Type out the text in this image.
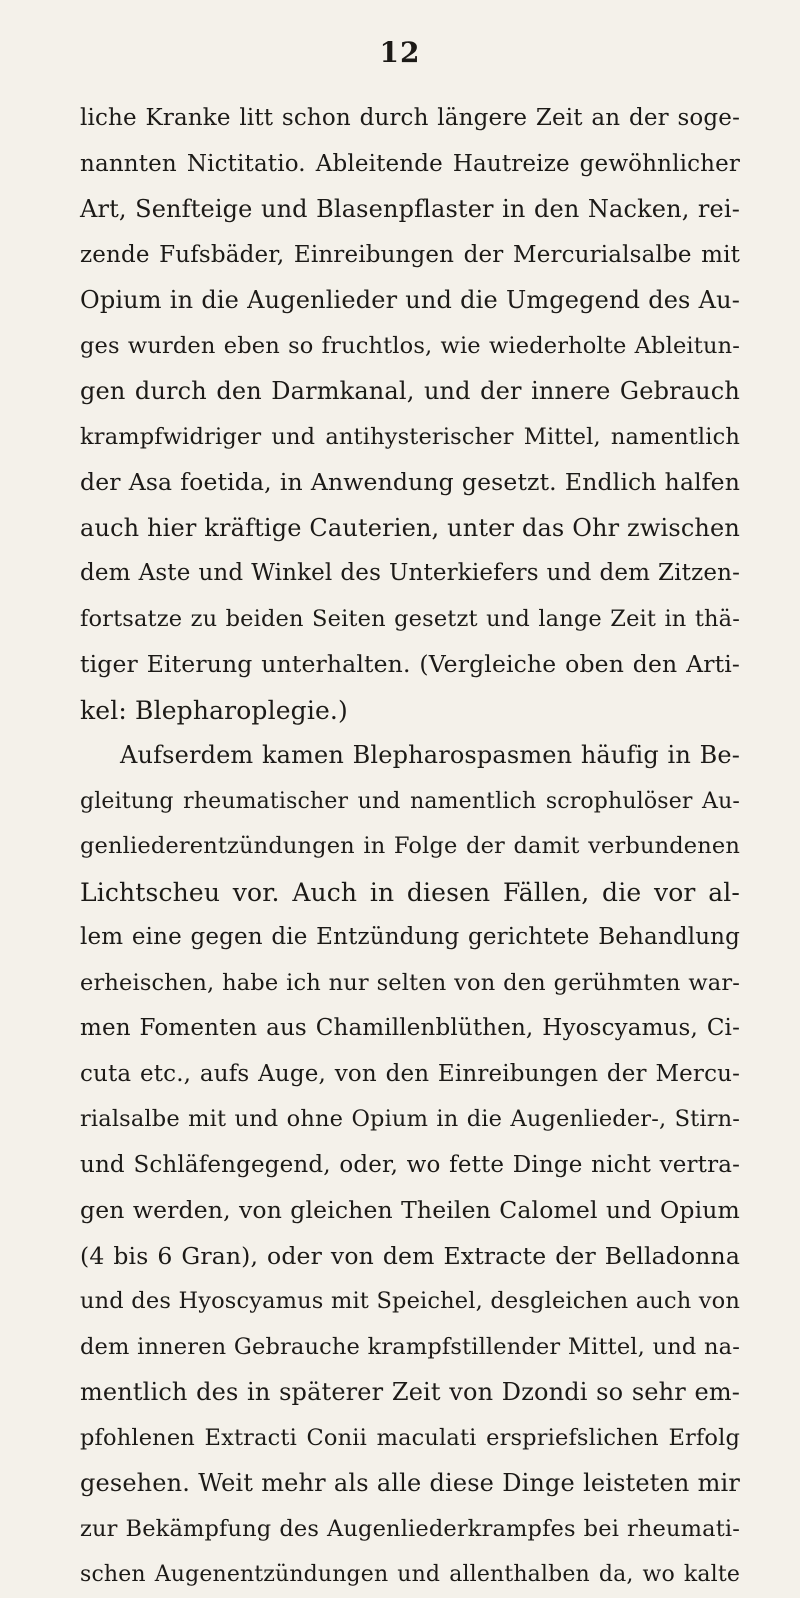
12
liche Kranke litt schon durch längere Zeit an der soge-
nannten Nictitatio. Ableitende Hautreize gewöhnlicher
Art, Senfteige und Blasenpflaster in den Nacken, rei-
zende Fufsbäder, Einreibungen der Mercurialsalbe mit
Opium in die Augenlieder und die Umgegend des Au-
ges wurden eben so fruchtlos, wie wiederholte Ableitun-
gen durch den Darmkanal, und der innere Gebrauch
krampfwidriger und antihysterischer Mittel, namentlich
der Asa foetida, in Anwendung gesetzt. Endlich halfen
auch hier kräftige Cauterien, unter das Ohr zwischen
dem Aste und Winkel des Unterkiefers und dem Zitzen-
fortsatze zu beiden Seiten gesetzt und lange Zeit in thä-
tiger Eiterung unterhalten. (Vergleiche oben den Arti-
kel: Blepharoplegie.)
Aufserdem kamen Blepharospasmen häufig in Be-
gleitung rheumatischer und namentlich scrophulöser Au-
genliederentzündungen in Folge der damit verbundenen
Lichtscheu vor. Auch in diesen Fällen, die vor al-
lem eine gegen die Entzündung gerichtete Behandlung
erheischen, habe ich nur selten von den gerühmten war-
men Fomenten aus Chamillenblüthen, Hyoscyamus, Ci-
cuta etc., aufs Auge, von den Einreibungen der Mercu-
rialsalbe mit und ohne Opium in die Augenlieder-, Stirn-
und Schläfengegend, oder, wo fette Dinge nicht vertra-
gen werden, von gleichen Theilen Calomel und Opium
(4 bis 6 Gran), oder von dem Extracte der Belladonna
und des Hyoscyamus mit Speichel, desgleichen auch von
dem inneren Gebrauche krampfstillender Mittel, und na-
mentlich des in späterer Zeit von Dzondi so sehr em-
pfohlenen Extracti Conii maculati erspriefslichen Erfolg
gesehen. Weit mehr als alle diese Dinge leisteten mir
zur Bekämpfung des Augenliederkrampfes bei rheumati-
schen Augenentzündungen und allenthalben da, wo kalte
